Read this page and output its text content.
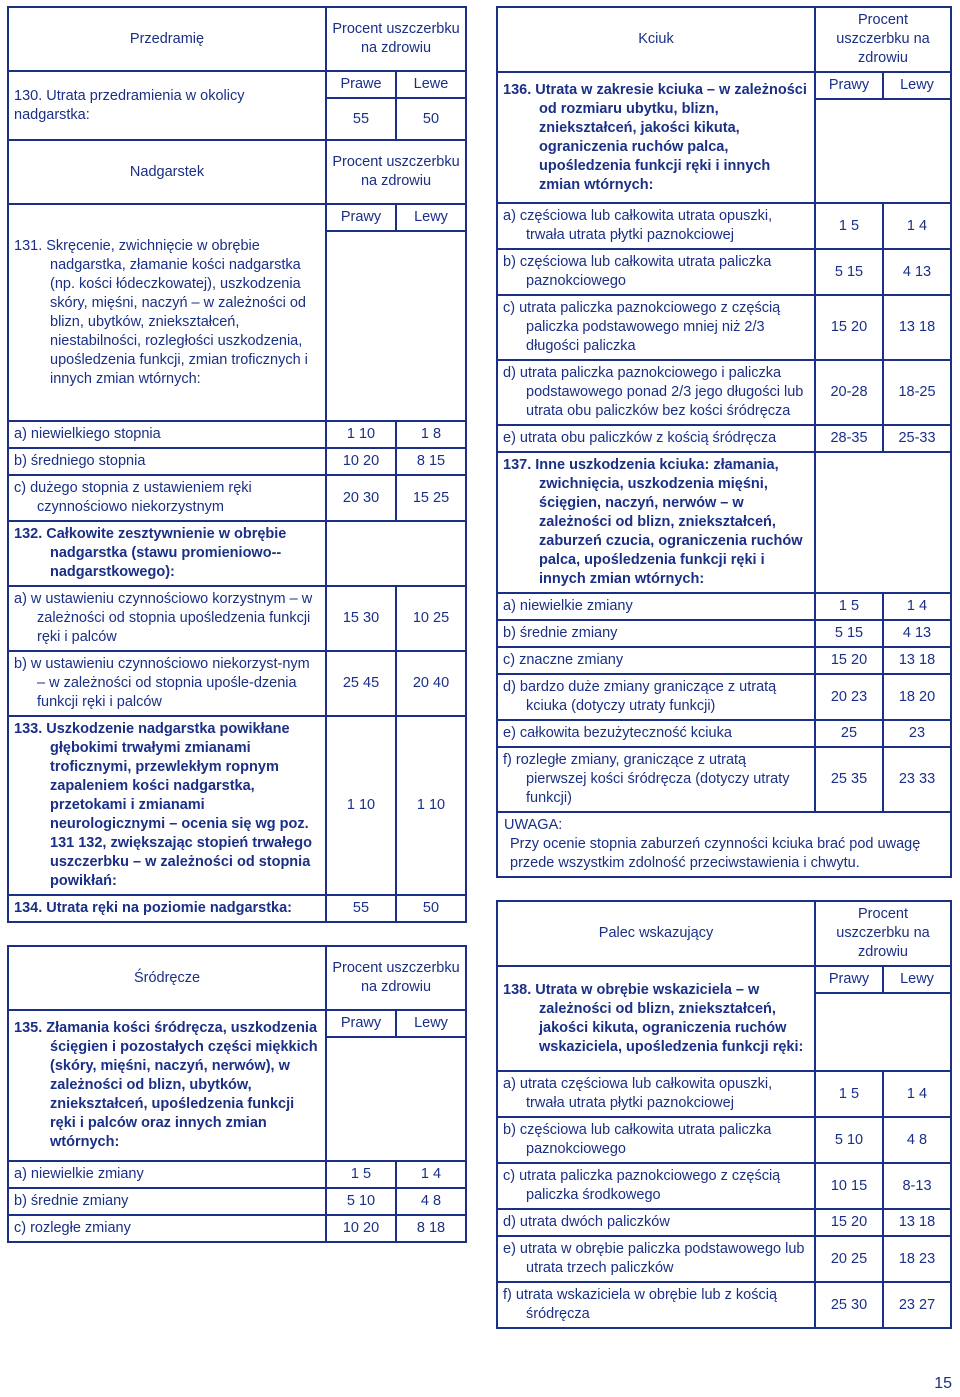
Przedramię	Procent uszczerbku na zdrowiu	
130. Utrata przedramienia w okolicy nadgarstka:	Prawe	Lewe
	55	50
Nadgarstek	Procent uszczerbku na zdrowiu	

131. Skręcenie, zwichnięcie w obrębie nadgarstka, złamanie kości nadgarstka (np. kości łódeczkowatej), uszkodzenia skóry, mięśni, naczyń – w zależności od blizn, ubytków, zniekształceń, niestabilności, rozległości uszkodzenia, upośledzenia funkcji, zmian troficznych i innych zmian wtórnych:	Prawy	Lewy

a) niewielkiego stopnia	1 10	1 8
b) średniego stopnia	10 20	8 15

c) dużego stopnia z ustawieniem ręki czynnościowo niekorzystnym	20 30	15 25

132. Całkowite zesztywnienie w obrębie nadgarstka (stawu promieniowo--nadgarstkowego):		

a) w ustawieniu czynnościowo korzystnym – w zależności od stopnia upośledzenia funkcji ręki i palców	15 30	10 25

b) w ustawieniu czynnościowo niekorzyst-nym – w zależności od stopnia upośle-dzenia funkcji ręki i palców	25 45	20 40

133. Uszkodzenie nadgarstka powikłane głębokimi trwałymi zmianami troficznymi, przewlekłym ropnym zapaleniem kości nadgarstka, przetokami i zmianami neurologicznymi – ocenia się wg poz. 131 132, zwiększając stopień trwałego uszczerbku – w zależności od stopnia powikłań:	1 10	1 10
134. Utrata ręki na poziomie nadgarstka:	55	50
Śródręcze	Procent uszczerbku na zdrowiu	

135. Złamania kości śródręcza, uszkodzenia ścięgien i pozostałych części miękkich (skóry, mięśni, naczyń, nerwów), w zależności od blizn, ubytków, zniekształceń, upośledzenia funkcji ręki i palców oraz innych zmian wtórnych:	Prawy	Lewy

a) niewielkie zmiany	1 5	1 4
b) średnie zmiany	5 10	4 8
c) rozległe zmiany	10 20	8 18
Kciuk	Procent uszczerbku na zdrowiu	

136. Utrata w zakresie kciuka – w zależności od rozmiaru ubytku, blizn, zniekształceń, jakości kikuta, ograniczenia ruchów palca, upośledzenia funkcji ręki i innych zmian wtórnych:	Prawy	Lewy

a) częściowa lub całkowita utrata opuszki, trwała utrata płytki paznokciowej	1 5	1 4

b) częściowa lub całkowita utrata paliczka paznokciowego	5 15	4 13

c) utrata paliczka paznokciowego z częścią paliczka podstawowego mniej niż 2/3 długości paliczka	15 20	13 18

d) utrata paliczka paznokciowego i paliczka podstawowego ponad 2/3 jego długości lub utrata obu paliczków bez kości śródręcza	20-28	18-25

e) utrata obu paliczków z kością śródręcza	28-35	25-33

137. Inne uszkodzenia kciuka: złamania, zwichnięcia, uszkodzenia mięśni, ścięgien, naczyń, nerwów – w zależności od blizn, zniekształceń, zaburzeń czucia, ograniczenia ruchów palca, upośledzenia funkcji ręki i innych zmian wtórnych:		

a) niewielkie zmiany	1 5	1 4
b) średnie zmiany	5 15	4 13
c) znaczne zmiany	15 20	13 18

d) bardzo duże zmiany graniczące z utratą kciuka (dotyczy utraty funkcji)	20 23	18 20
e) całkowita bezużyteczność kciuka	25	23

f) rozległe zmiany, graniczące z utratą pierwszej kości śródręcza (dotyczy utraty funkcji)	25 35	23 33

UWAGA:
Przy ocenie stopnia zaburzeń czynności kciuka brać pod uwagę przede wszystkim zdolność przeciwstawienia i chwytu.		
Palec wskazujący	Procent uszczerbku na zdrowiu	

138. Utrata w obrębie wskaziciela – w zależności od blizn, zniekształceń, jakości kikuta, ograniczenia ruchów wskaziciela, upośledzenia funkcji ręki:	Prawy	Lewy

a) utrata częściowa lub całkowita opuszki, trwała utrata płytki paznokciowej	1 5	1 4

b) częściowa lub całkowita utrata paliczka paznokciowego	5 10	4 8

c) utrata paliczka paznokciowego z częścią paliczka środkowego	10 15	8-13
d) utrata dwóch paliczków	15 20	13 18

e) utrata w obrębie paliczka podstawowego lub utrata trzech paliczków	20 25	18 23

f) utrata wskaziciela w obrębie lub z kością śródręcza	25 30	23 27
15
